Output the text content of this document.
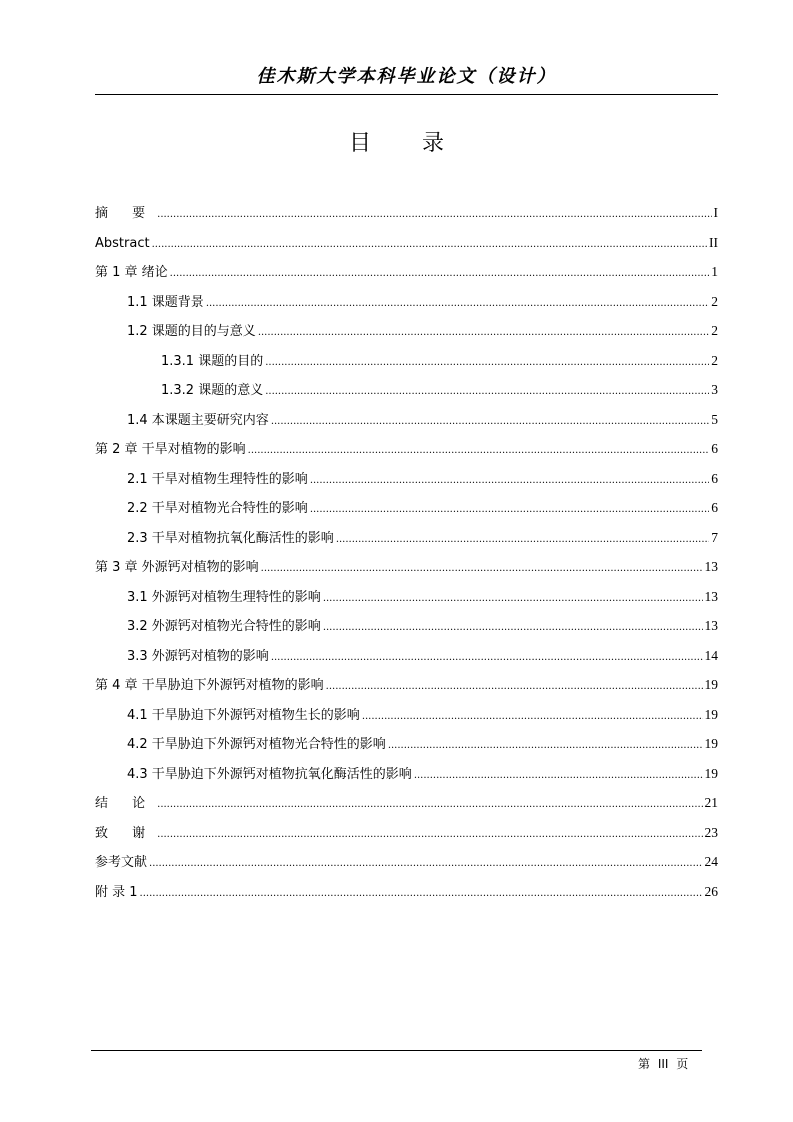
佳木斯大学本科毕业论文（设计）
目 录
摘 要 .....	I
Abstract .....	II
第 1 章 绪论 .....	1
1.1 课题背景 .....	2
1.2 课题的目的与意义 .....	2
1.3.1 课题的目的 .....	2
1.3.2 课题的意义 .....	3
1.4 本课题主要研究内容 .....	5
第 2 章 干旱对植物的影响 .....	6
2.1 干旱对植物生理特性的影响 .....	6
2.2 干旱对植物光合特性的影响 .....	6
2.3 干旱对植物抗氧化酶活性的影响 .....	7
第 3 章 外源钙对植物的影响 .....	13
3.1 外源钙对植物生理特性的影响 .....	13
3.2 外源钙对植物光合特性的影响 .....	13
3.3 外源钙对植物的影响 .....	14
第 4 章 干旱胁迫下外源钙对植物的影响 .....	19
4.1 干旱胁迫下外源钙对植物生长的影响 .....	19
4.2 干旱胁迫下外源钙对植物光合特性的影响 .....	19
4.3 干旱胁迫下外源钙对植物抗氧化酶活性的影响 .....	19
结 论 .....	21
致 谢 .....	23
参考文献 .....	24
附 录 1 .....	26
第 III 页
